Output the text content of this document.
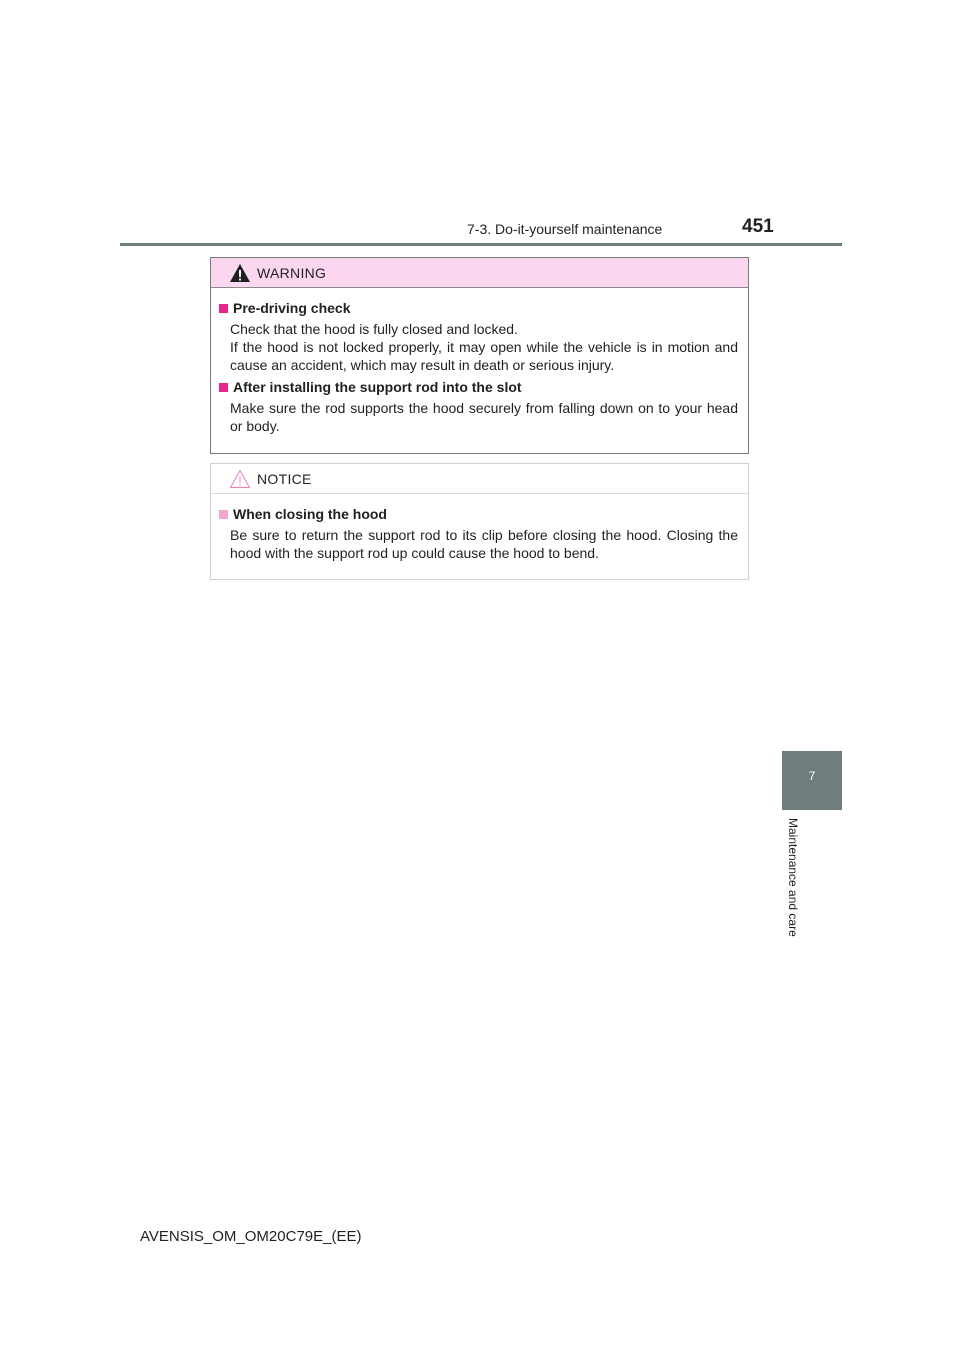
7-3. Do-it-yourself maintenance	451
7
Maintenance and care
WARNING
Pre-driving check
Check that the hood is fully closed and locked.
If the hood is not locked properly, it may open while the vehicle is in motion and cause an accident, which may result in death or serious injury.
After installing the support rod into the slot
Make sure the rod supports the hood securely from falling down on to your head or body.
NOTICE
When closing the hood
Be sure to return the support rod to its clip before closing the hood. Closing the hood with the support rod up could cause the hood to bend.
AVENSIS_OM_OM20C79E_(EE)
